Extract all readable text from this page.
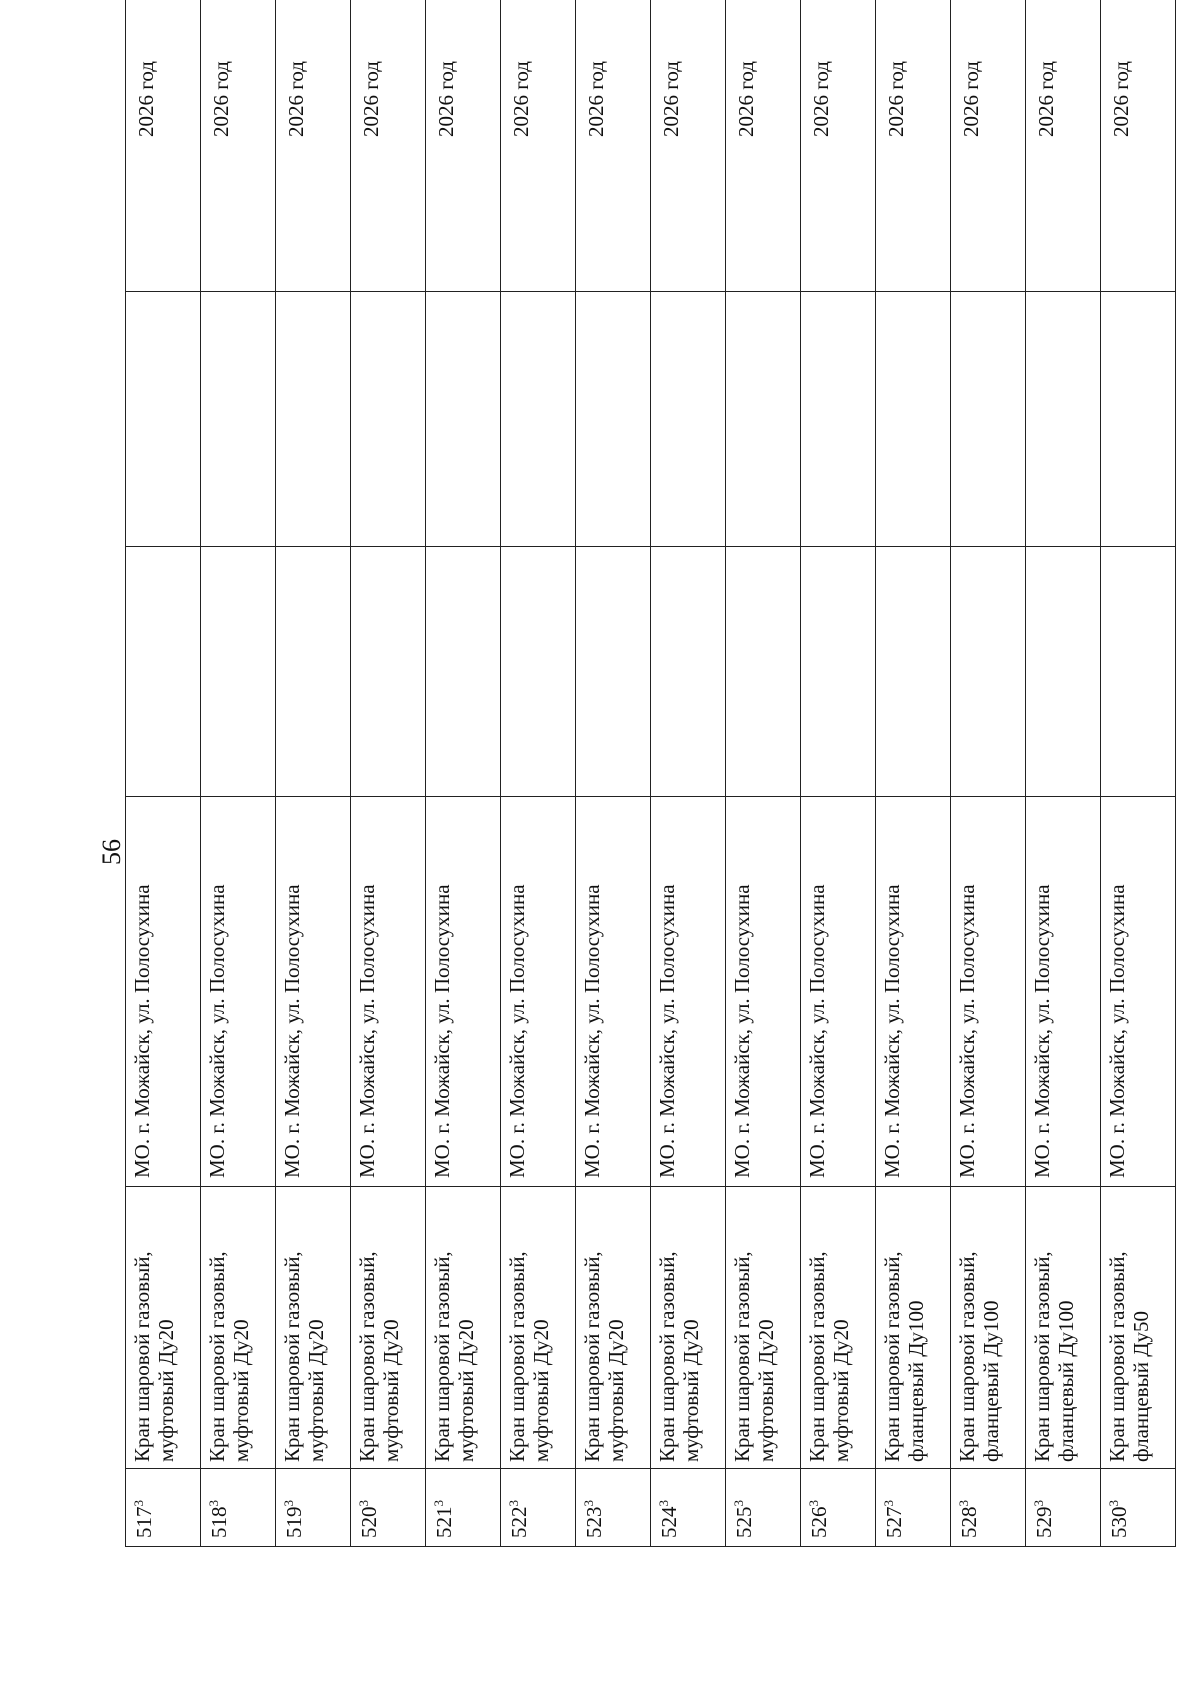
56
$517^3$	Кран шаровой газовый, муфтовый Ду20	МО. г. Можайск, ул. Полосухина			2026 год
$518^3$	Кран шаровой газовый, муфтовый Ду20	МО. г. Можайск, ул. Полосухина			2026 год
$519^3$	Кран шаровой газовый, муфтовый Ду20	МО. г. Можайск, ул. Полосухина			2026 год
$520^3$	Кран шаровой газовый, муфтовый Ду20	МО. г. Можайск, ул. Полосухина			2026 год
$521^3$	Кран шаровой газовый, муфтовый Ду20	МО. г. Можайск, ул. Полосухина			2026 год
$522^3$	Кран шаровой газовый, муфтовый Ду20	МО. г. Можайск, ул. Полосухина			2026 год
$523^3$	Кран шаровой газовый, муфтовый Ду20	МО. г. Можайск, ул. Полосухина			2026 год
$524^3$	Кран шаровой газовый, муфтовый Ду20	МО. г. Можайск, ул. Полосухина			2026 год
$525^3$	Кран шаровой газовый, муфтовый Ду20	МО. г. Можайск, ул. Полосухина			2026 год
$526^3$	Кран шаровой газовый, муфтовый Ду20	МО. г. Можайск, ул. Полосухина			2026 год
$527^3$	Кран шаровой газовый, фланцевый Ду100	МО. г. Можайск, ул. Полосухина			2026 год
$528^3$	Кран шаровой газовый, фланцевый Ду100	МО. г. Можайск, ул. Полосухина			2026 год
$529^3$	Кран шаровой газовый, фланцевый Ду100	МО. г. Можайск, ул. Полосухина			2026 год
$530^3$	Кран шаровой газовый, фланцевый Ду50	МО. г. Можайск, ул. Полосухина			2026 год
